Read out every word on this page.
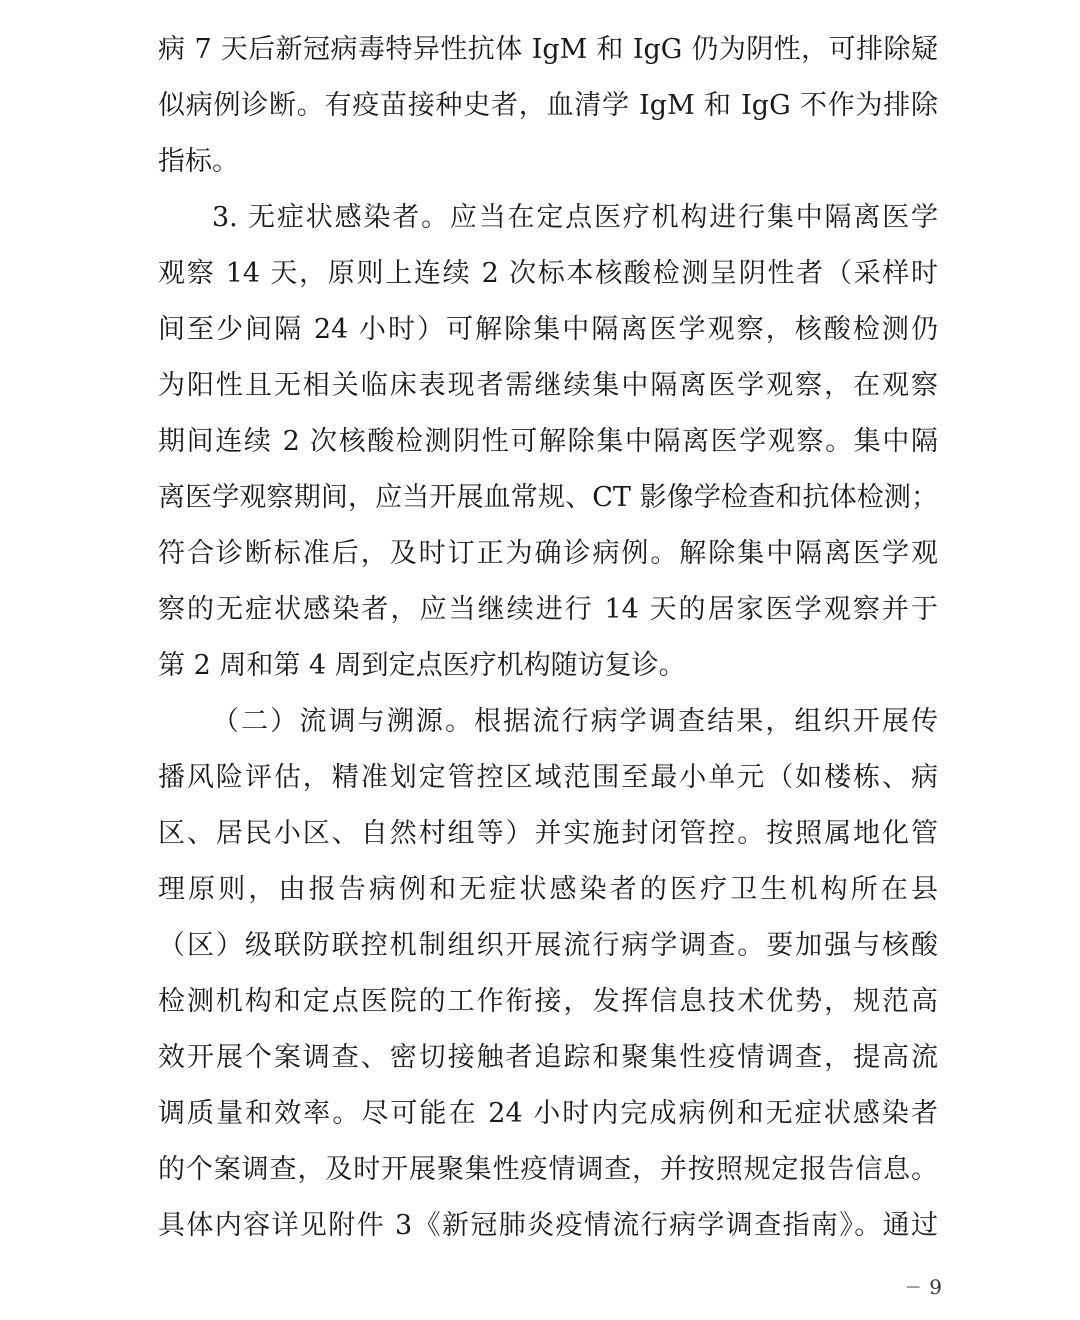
病 7 天后新冠病毒特异性抗体 IgM 和 IgG 仍为阴性，可排除疑
似病例诊断。有疫苗接种史者，血清学 IgM 和 IgG 不作为排除
指标。
3. 无症状感染者。应当在定点医疗机构进行集中隔离医学
观察 14 天，原则上连续 2 次标本核酸检测呈阴性者（采样时
间至少间隔 24 小时）可解除集中隔离医学观察，核酸检测仍
为阳性且无相关临床表现者需继续集中隔离医学观察，在观察
期间连续 2 次核酸检测阴性可解除集中隔离医学观察。集中隔
离医学观察期间，应当开展血常规、CT 影像学检查和抗体检测；
符合诊断标准后，及时订正为确诊病例。解除集中隔离医学观
察的无症状感染者，应当继续进行 14 天的居家医学观察并于
第 2 周和第 4 周到定点医疗机构随访复诊。
（二）流调与溯源。根据流行病学调查结果，组织开展传
播风险评估，精准划定管控区域范围至最小单元（如楼栋、病
区、居民小区、自然村组等）并实施封闭管控。按照属地化管
理原则，由报告病例和无症状感染者的医疗卫生机构所在县
（区）级联防联控机制组织开展流行病学调查。要加强与核酸
检测机构和定点医院的工作衔接，发挥信息技术优势，规范高
效开展个案调查、密切接触者追踪和聚集性疫情调查，提高流
调质量和效率。尽可能在 24 小时内完成病例和无症状感染者
的个案调查，及时开展聚集性疫情调查，并按照规定报告信息。
具体内容详见附件 3《新冠肺炎疫情流行病学调查指南》。通过
— 9
